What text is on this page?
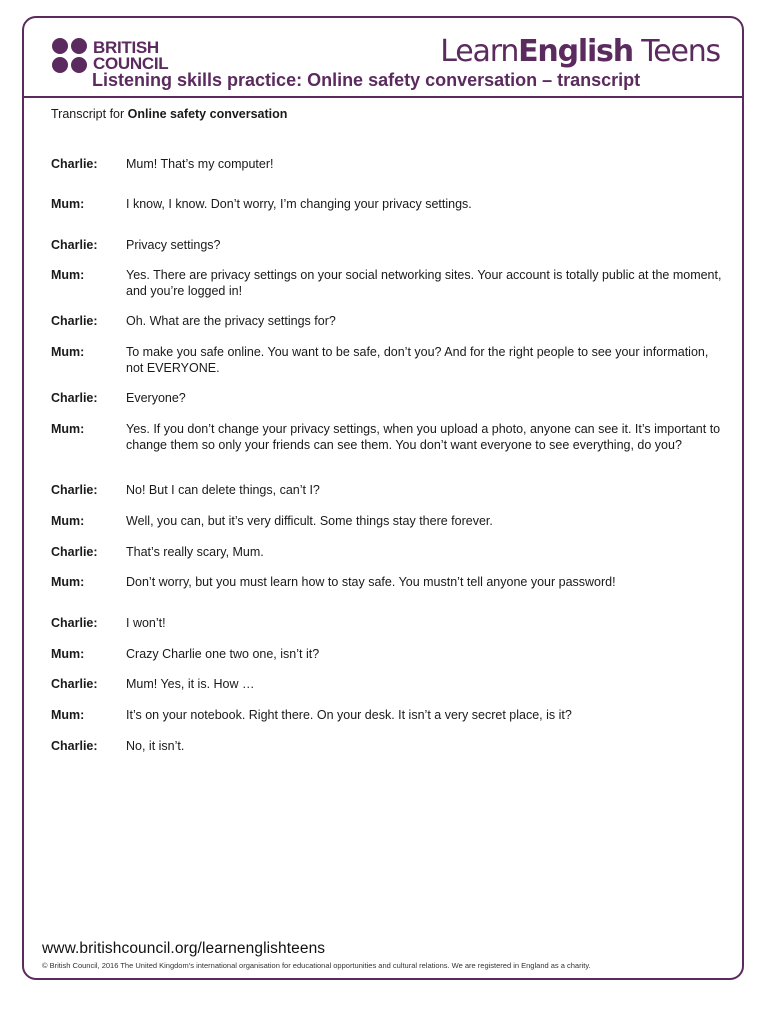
BRITISH
COUNCIL	LearnEnglish Teens
Listening skills practice: Online safety conversation – transcript
Transcript for Online safety conversation
Charlie: Mum! That’s my computer!
Mum:	I know, I know. Don’t worry, I’m changing your privacy settings.
Charlie: Privacy settings?
Mum:	Yes. There are privacy settings on your social networking sites. Your account is totally public at the moment, and you’re logged in!
Charlie: Oh. What are the privacy settings for?
Mum:	To make you safe online. You want to be safe, don’t you? And for the right people to see your information, not EVERYONE.
Charlie: Everyone?
Mum:	Yes. If you don’t change your privacy settings, when you upload a photo, anyone can see it. It’s important to change them so only your friends can see them. You don’t want everyone to see everything, do you?
Charlie: No! But I can delete things, can’t I?
Mum:	Well, you can, but it’s very difficult. Some things stay there forever.
Charlie: That’s really scary, Mum.
Mum:	Don’t worry, but you must learn how to stay safe. You mustn’t tell anyone your password!
Charlie: I won’t!
Mum:	Crazy Charlie one two one, isn’t it?
Charlie: Mum! Yes, it is. How …
Mum:	It’s on your notebook. Right there. On your desk. It isn’t a very secret place, is it?
Charlie: No, it isn’t.
www.britishcouncil.org/learnenglishteens
© British Council, 2016 The United Kingdom’s international organisation for educational opportunities and cultural relations. We are registered in England as a charity.
